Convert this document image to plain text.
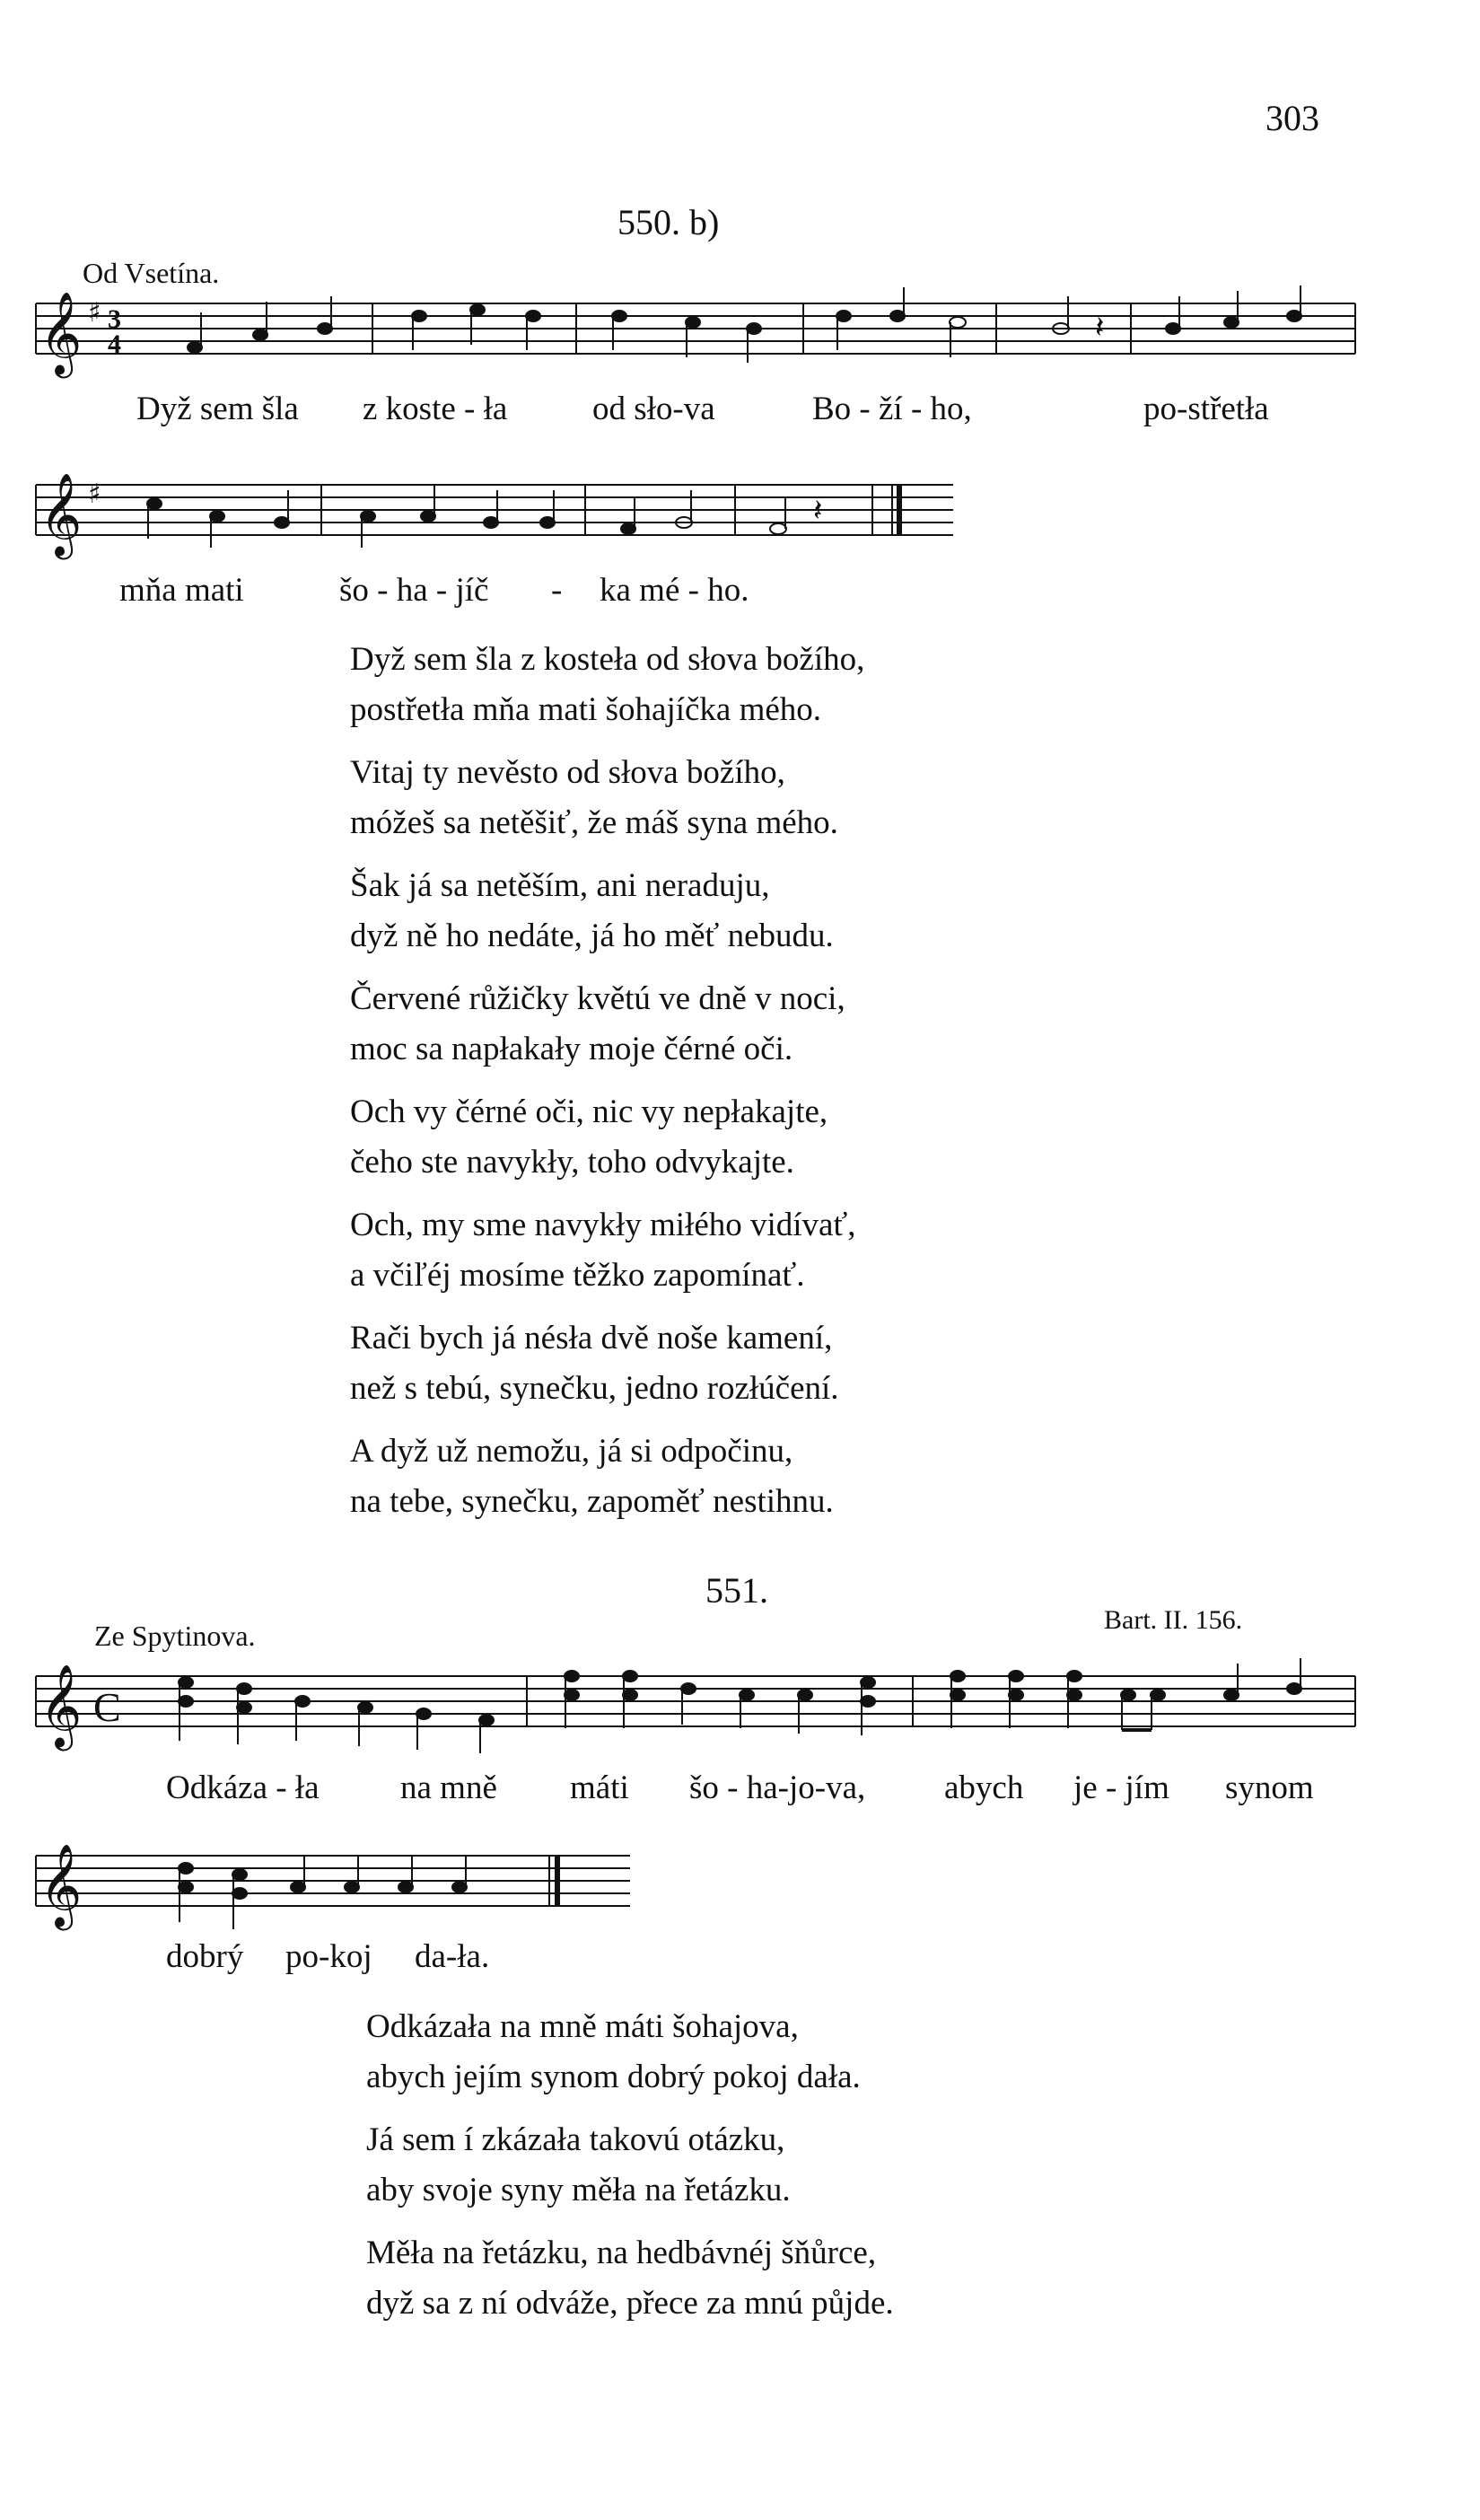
303
550. b)
Od Vsetína.
𝄞 ♯ 3
4	𝄽
Dyž sem šla z koste - ła	od sło-va	Bo - ží - ho,	po-střetła
𝄞 ♯	𝄽
mňa mati	šo - ha - jíč - ka mé - ho.
Dyž sem šla z kosteła od słova božího,
postřetła mňa mati šohajíčka mého.
Vitaj ty nevěsto od słova božího,
móžeš sa netěšiť, že máš syna mého.
Šak já sa netěším, ani neraduju,
dyž ně ho nedáte, já ho měť nebudu.
Červené růžičky květú ve dně v noci,
moc sa napłakały moje čérné oči.
Och vy čérné oči, nic vy nepłakajte,
čeho ste navykły, toho odvykajte.
Och, my sme navykły miłého vidívať,
a včiľéj mosíme těžko zapomínať.
Rači bych já nésła dvě noše kamení,
než s tebú, synečku, jedno rozłúčení.
A dyž už nemožu, já si odpočinu,
na tebe, synečku, zapoměť nestihnu.
551.
Ze Spytinova.	Bart. II. 156.
𝄞 C
Odkáza - ła na mně máti šo - ha-jo-va, abych je - jím synom
𝄞
dobrý po-koj da-ła.
Odkázała na mně máti šohajova,
abych jejím synom dobrý pokoj dała.
Já sem í zkázała takovú otázku,
aby svoje syny měła na řetázku.
Měła na řetázku, na hedbávnéj šňůrce,
dyž sa z ní odváže, přece za mnú půjde.
